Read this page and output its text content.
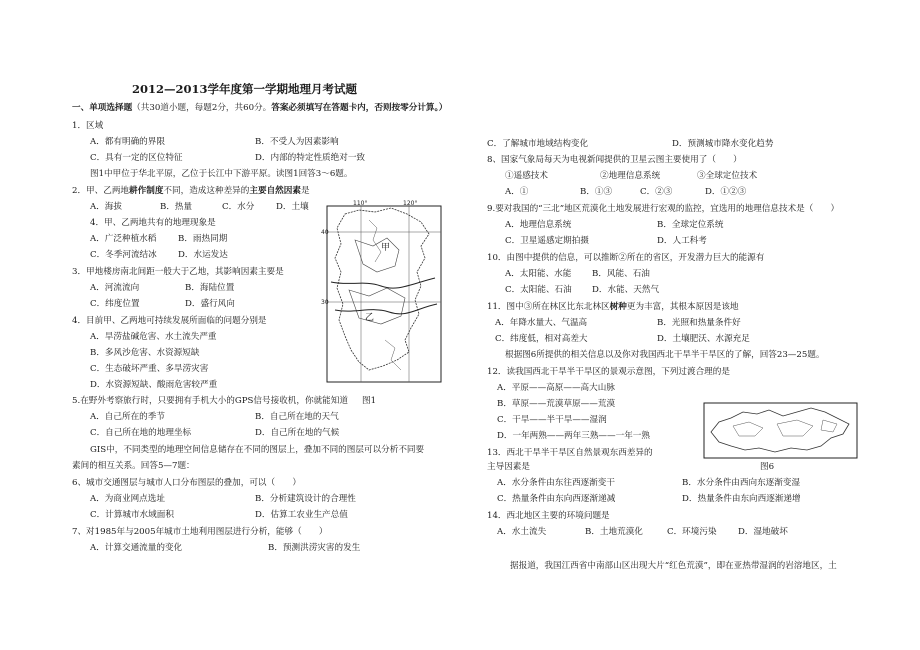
2012—2013学年度第一学期地理月考试题
一、单项选择题（共30道小题，每题2分，共60分。答案必须填写在答题卡内，否则按零分计算。）
1．区域
A．都有明确的界限	B．不受人为因素影响
C．具有一定的区位特征	D．内部的特定性质绝对一致
图1中甲位于华北平原，乙位于长江中下游平原。读图1回答3～6题。
2．甲、乙两地耕作制度不同，造成这种差异的主要自然因素是
A．海拔	B．热量	C．水分	D．土壤
4．甲、乙两地共有的地理现象是
A．广泛种植水稻	B．雨热同期
C．冬季河流结冰 D．水运发达
3．甲地楼房南北间距一般大于乙地，其影响因素主要是
A．河流流向	B．海陆位置
C．纬度位置	D．盛行风向
4．目前甲、乙两地可持续发展所面临的问题分别是
A．旱涝盐碱危害、水土流失严重
B．多风沙危害、水资源短缺
C．生态破坏严重、多旱涝灾害
D．水资源短缺、酸雨危害较严重
5.在野外考察旅行时，只要拥有手机大小的GPS信号接收机，你就能知道 图1
A．自己所在的季节	B．自己所在地的天气
C．自己所在地的地理坐标	D．自己所在地的气候
GIS中，不同类型的地理空间信息储存在不同的图层上，叠加不同的图层可以分析不同要
素间的相互关系。回答5—7题：
6、城市交通图层与城市人口分布图层的叠加，可以（　　）
A．为商业网点选址	B．分析建筑设计的合理性
C．计算城市水域面积	D．估算工农业生产总值
7、对1985年与2005年城市土地利用图层进行分析，能够（　　）
A．计算交通流量的变化	B．预测洪涝灾害的发生
110°	120°
40
30
甲
乙
C．了解城市地域结构变化	D．预测城市降水变化趋势
8、国家气象局每天为电视新闻提供的卫星云图主要使用了（　　）
①遥感技术	②地理信息系统	③全球定位技术
A．①	B．①③	C．②③	D．①②③
9.要对我国的“三北”地区荒漠化土地发展进行宏观的监控，宜选用的地理信息技术是（　　）
A．地理信息系统	B．全球定位系统
C．卫星遥感定期拍摄	D．人工科考
10．由图中提供的信息，可以推断②所在的省区，开发潜力巨大的能源有
A．太阳能、水能 B．风能、石油
C．太阳能、石油 D．水能、天然气
11．图中③所在林区比东北林区树种更为丰富，其根本原因是该地
A．年降水量大、气温高	B．光照和热量条件好
C．纬度低，相对高差大	D．土壤肥沃、水源充足
根据图6所提供的相关信息以及你对我国西北干旱半干旱区的了解，回答23—25题。
12．读我国西北干旱半干旱区的景观示意图，下列过渡合理的是
A．平原——高原——高大山脉
B．草原——荒漠草原——荒漠
C．干旱——半干旱——湿润
D．一年两熟——两年三熟——一年一熟
13．西北干旱半干旱区自然景观东西差异的
主导因素是	图6
A．水分条件由东往西逐渐变干	B．水分条件由西向东逐渐变湿
C．热量条件由东向西逐渐递减	D．热量条件由东向西逐渐递增
14．西北地区主要的环境问题是
A．水土流失	B．土地荒漠化	C．环境污染 D．湿地破坏
据报道，我国江西省中南部山区出现大片“红色荒漠”，即在亚热带湿润的岩溶地区，土
